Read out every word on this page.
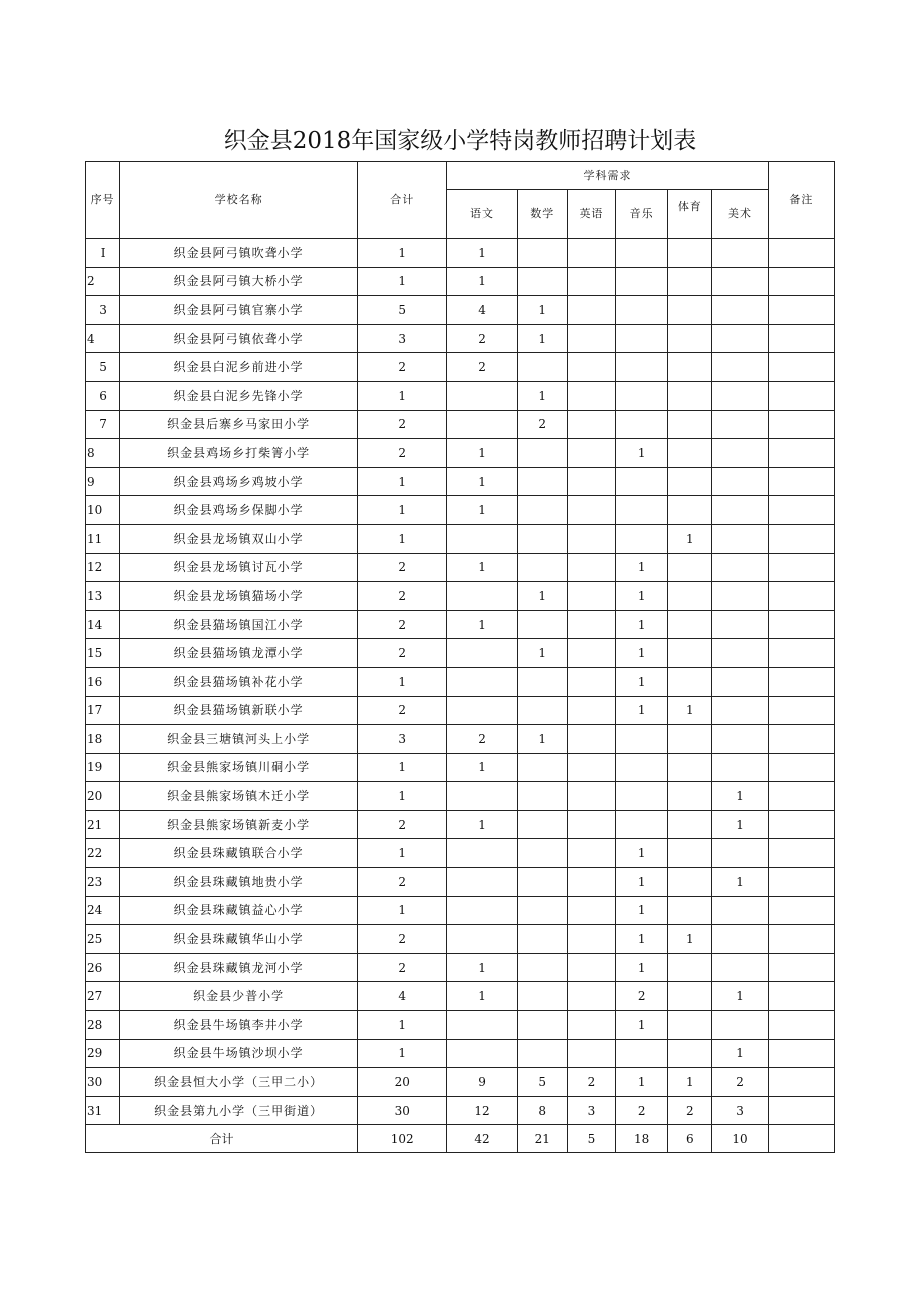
织金县2018年国家级小学特岗教师招聘计划表
序号	学校名称	合计	学科需求						备注
			语文	数学	英语	音乐	体育	美术	
I	织金县阿弓镇吹聋小学	1	1						
2	织金县阿弓镇大桥小学	1	1						
3	织金县阿弓镇官寨小学	5	4	1					
4	织金县阿弓镇依聋小学	3	2	1					
5	织金县白泥乡前进小学	2	2						
6	织金县白泥乡先锋小学	1		1					
7	织金县后寨乡马家田小学	2		2					
8	织金县鸡场乡打柴箐小学	2	1			1			
9	织金县鸡场乡鸡坡小学	1	1						
10	织金县鸡场乡保脚小学	1	1						
11	织金县龙场镇双山小学	1					1		
12	织金县龙场镇讨瓦小学	2	1			1			
13	织金县龙场镇猫场小学	2		1		1			
14	织金县猫场镇国江小学	2	1			1			
15	织金县猫场镇龙潭小学	2		1		1			
16	织金县猫场镇补花小学	1				1			
17	织金县猫场镇新联小学	2				1	1		
18	织金县三塘镇河头上小学	3	2	1					
19	织金县熊家场镇川硐小学	1	1						
20	织金县熊家场镇木迁小学	1						1	
21	织金县熊家场镇新麦小学	2	1					1	
22	织金县珠藏镇联合小学	1				1			
23	织金县珠藏镇地贵小学	2				1		1	
24	织金县珠藏镇益心小学	1				1			
25	织金县珠藏镇华山小学	2				1	1		
26	织金县珠藏镇龙河小学	2	1			1			
27	织金县少普小学	4	1			2		1	
28	织金县牛场镇李井小学	1				1			
29	织金县牛场镇沙坝小学	1						1	
30	织金县恒大小学（三甲二小）	20	9	5	2	1	1	2	
31	织金县第九小学（三甲街道）	30	12	8	3	2	2	3	
合计		102	42	21	5	18	6	10	
